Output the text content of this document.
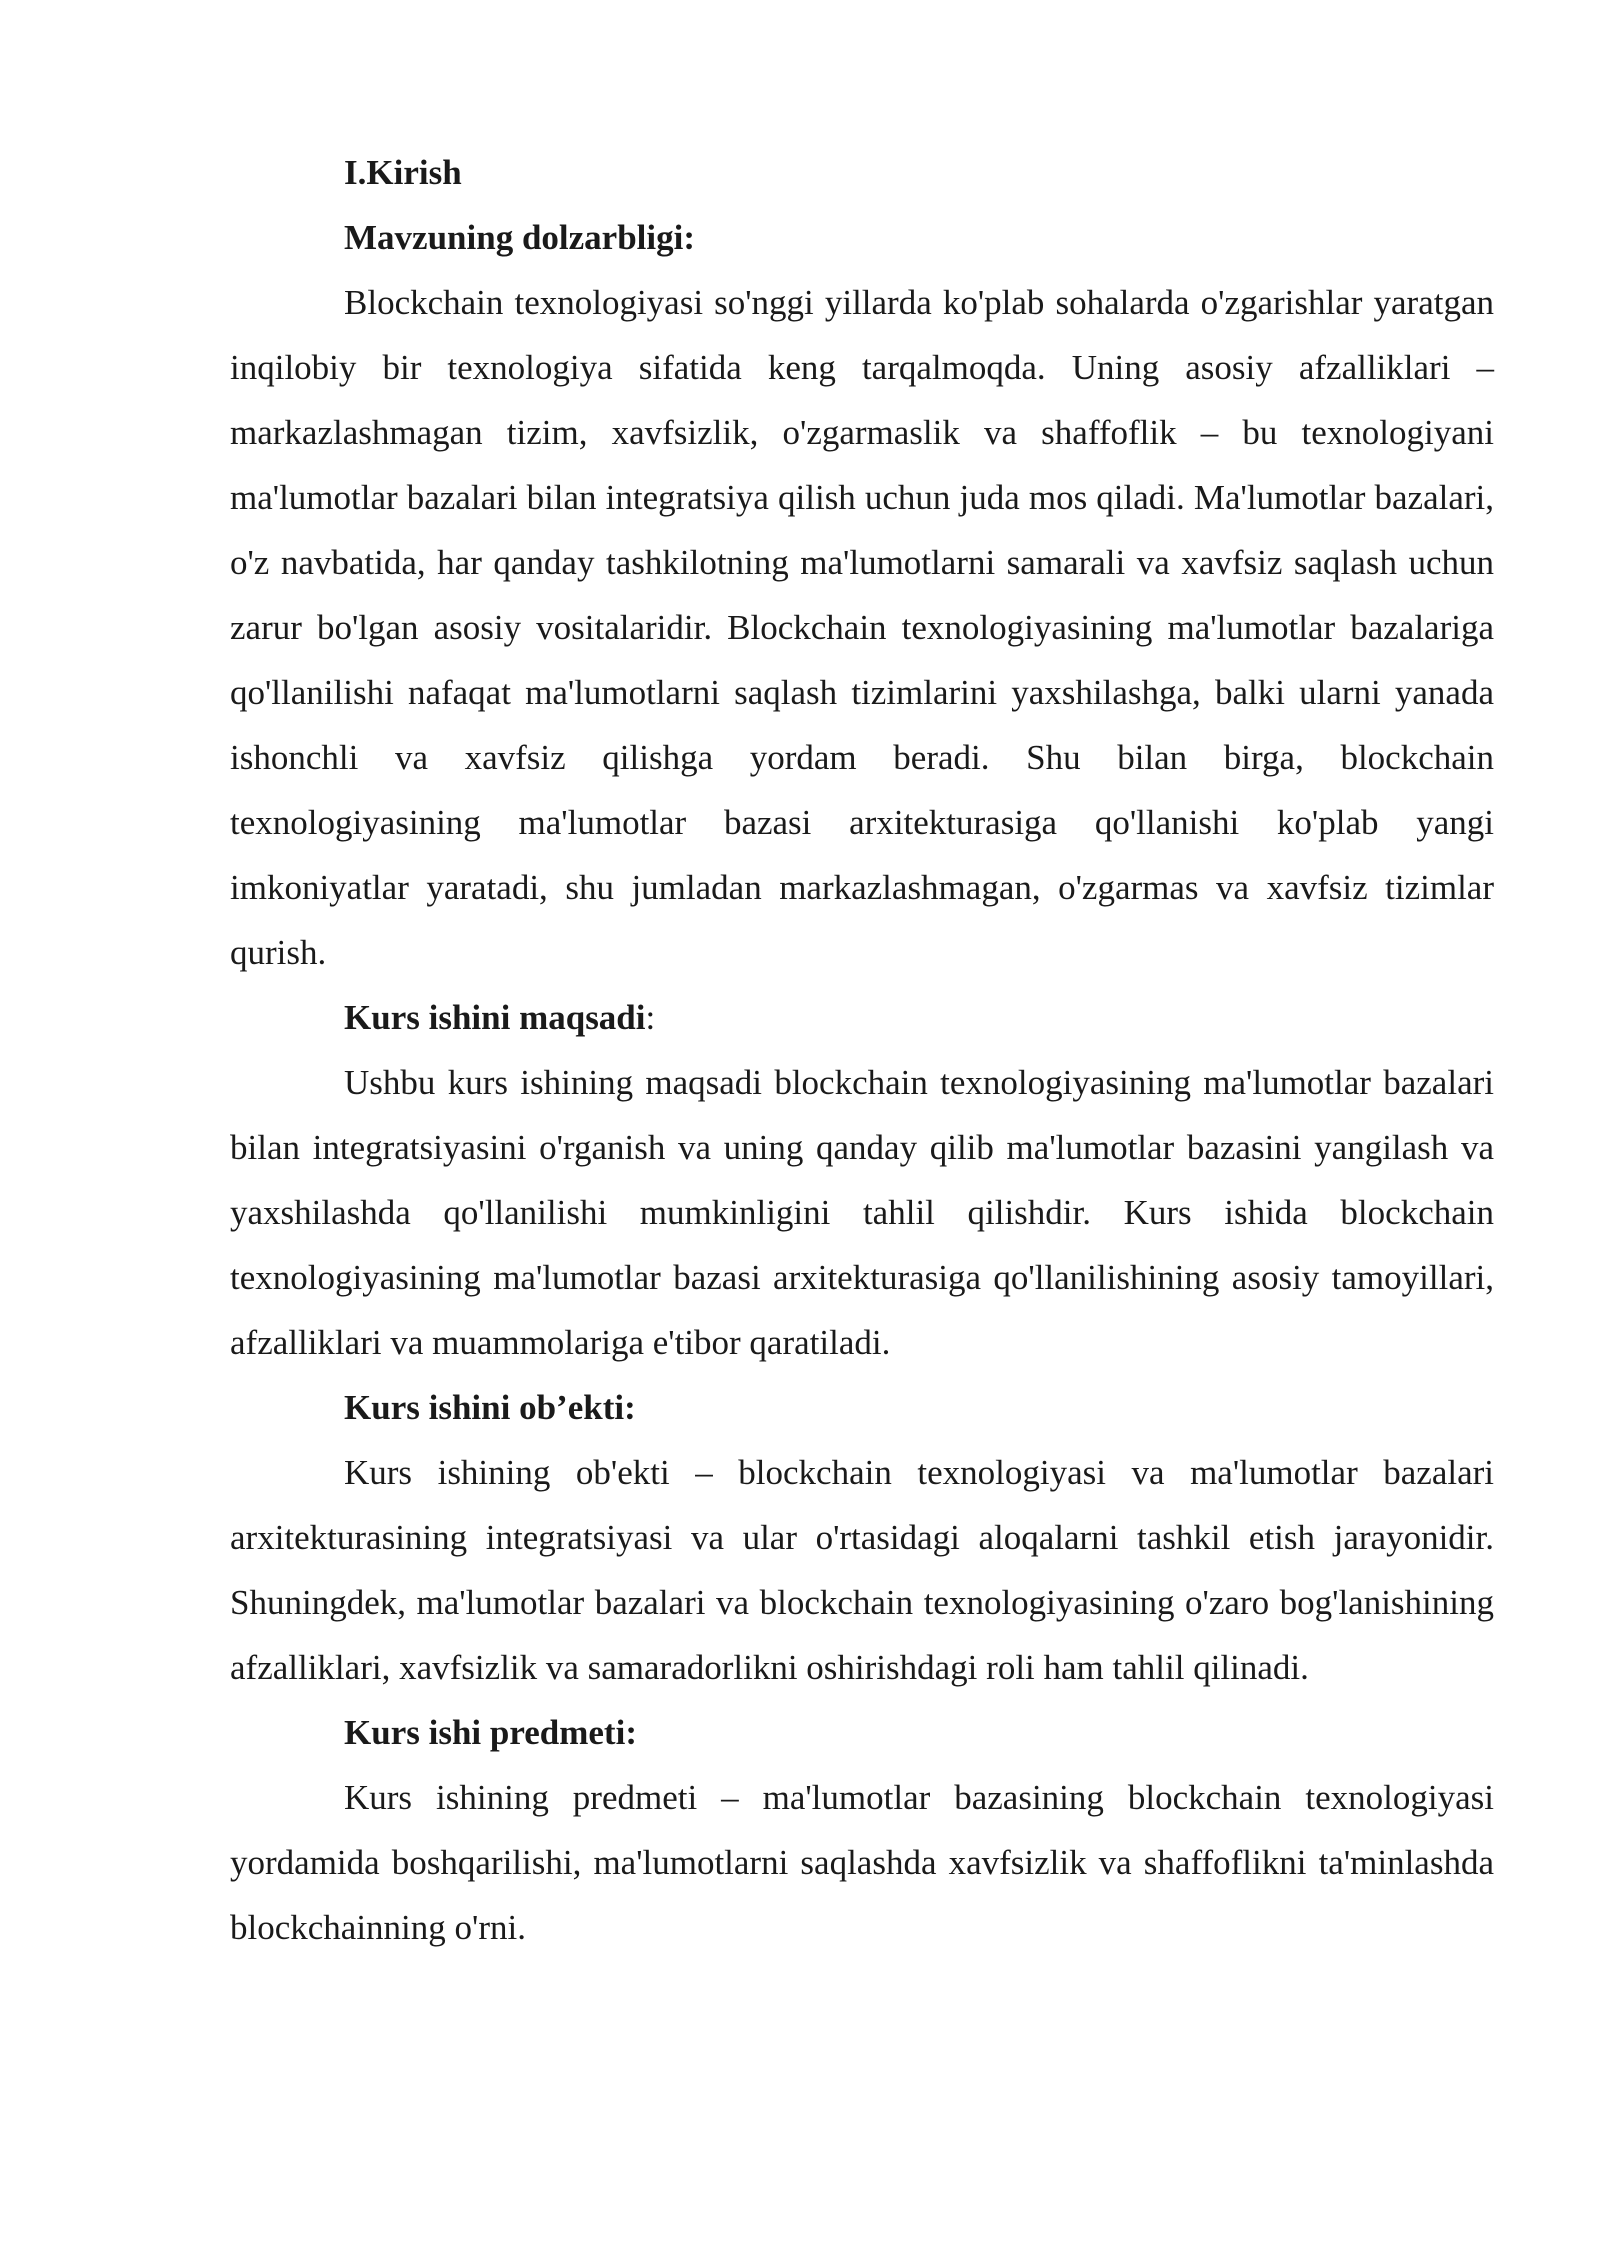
I.Kirish

Mavzuning dolzarbligi:

Blockchain texnologiyasi so'nggi yillarda ko'plab sohalarda o'zgarishlar yaratgan inqilobiy bir texnologiya sifatida keng tarqalmoqda. Uning asosiy afzalliklari – markazlashmagan tizim, xavfsizlik, o'zgarmaslik va shaffoflik – bu texnologiyani ma'lumotlar bazalari bilan integratsiya qilish uchun juda mos qiladi. Ma'lumotlar bazalari, o'z navbatida, har qanday tashkilotning ma'lumotlarni samarali va xavfsiz saqlash uchun zarur bo'lgan asosiy vositalaridir. Blockchain texnologiyasining ma'lumotlar bazalariga qo'llanilishi nafaqat ma'lumotlarni saqlash tizimlarini yaxshilashga, balki ularni yanada ishonchli va xavfsiz qilishga yordam beradi. Shu bilan birga, blockchain texnologiyasining ma'lumotlar bazasi arxitekturasiga qo'llanishi ko'plab yangi imkoniyatlar yaratadi, shu jumladan markazlashmagan, o'zgarmas va xavfsiz tizimlar qurish.

Kurs ishini maqsadi:

Ushbu kurs ishining maqsadi blockchain texnologiyasining ma'lumotlar bazalari bilan integratsiyasini o'rganish va uning qanday qilib ma'lumotlar bazasini yangilash va yaxshilashda qo'llanilishi mumkinligini tahlil qilishdir. Kurs ishida blockchain texnologiyasining ma'lumotlar bazasi arxitekturasiga qo'llanilishining asosiy tamoyillari, afzalliklari va muammolariga e'tibor qaratiladi.

Kurs ishini ob’ekti:

Kurs ishining ob'ekti – blockchain texnologiyasi va ma'lumotlar bazalari arxitekturasining integratsiyasi va ular o'rtasidagi aloqalarni tashkil etish jarayonidir. Shuningdek, ma'lumotlar bazalari va blockchain texnologiyasining o'zaro bog'lanishining afzalliklari, xavfsizlik va samaradorlikni oshirishdagi roli ham tahlil qilinadi.

Kurs ishi predmeti:

Kurs ishining predmeti – ma'lumotlar bazasining blockchain texnologiyasi yordamida boshqarilishi, ma'lumotlarni saqlashda xavfsizlik va shaffoflikni ta'minlashda blockchainning o'rni.
